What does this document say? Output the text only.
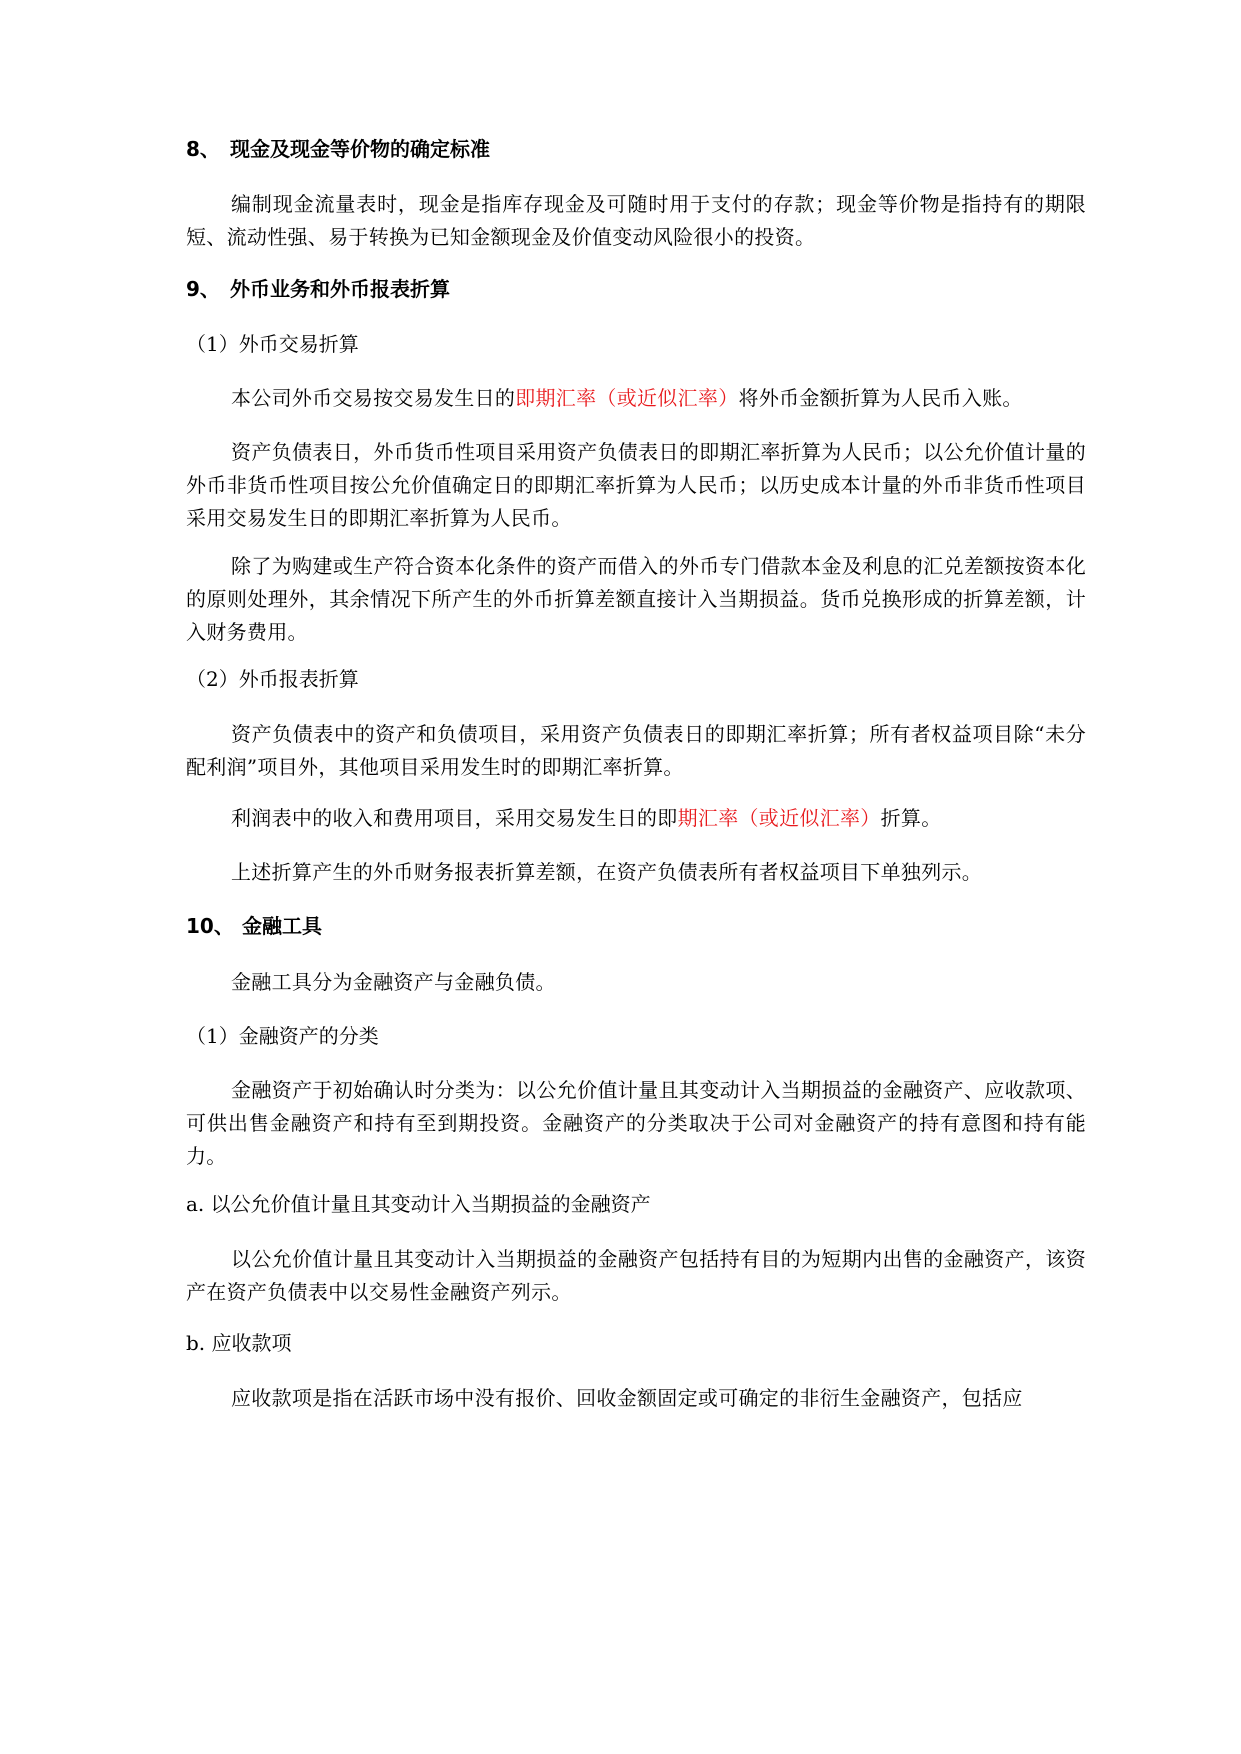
8、 现金及现金等价物的确定标准

编制现金流量表时，现金是指库存现金及可随时用于支付的存款；现金等价物是指持有的期限短、流动性强、易于转换为已知金额现金及价值变动风险很小的投资。

9、 外币业务和外币报表折算
（1）外币交易折算

本公司外币交易按交易发生日的即期汇率（或近似汇率）将外币金额折算为人民币入账。

资产负债表日，外币货币性项目采用资产负债表日的即期汇率折算为人民币；以公允价值计量的外币非货币性项目按公允价值确定日的即期汇率折算为人民币；以历史成本计量的外币非货币性项目采用交易发生日的即期汇率折算为人民币。

除了为购建或生产符合资本化条件的资产而借入的外币专门借款本金及利息的汇兑差额按资本化的原则处理外，其余情况下所产生的外币折算差额直接计入当期损益。货币兑换形成的折算差额，计入财务费用。

（2）外币报表折算

资产负债表中的资产和负债项目，采用资产负债表日的即期汇率折算；所有者权益项目除“未分配利润”项目外，其他项目采用发生时的即期汇率折算。

利润表中的收入和费用项目，采用交易发生日的即期汇率（或近似汇率）折算。

上述折算产生的外币财务报表折算差额，在资产负债表所有者权益项目下单独列示。

10、 金融工具

金融工具分为金融资产与金融负债。

（1）金融资产的分类

金融资产于初始确认时分类为：以公允价值计量且其变动计入当期损益的金融资产、应收款项、可供出售金融资产和持有至到期投资。金融资产的分类取决于公司对金融资产的持有意图和持有能力。

a. 以公允价值计量且其变动计入当期损益的金融资产

以公允价值计量且其变动计入当期损益的金融资产包括持有目的为短期内出售的金融资产，该资产在资产负债表中以交易性金融资产列示。

b. 应收款项

应收款项是指在活跃市场中没有报价、回收金额固定或可确定的非衍生金融资产，包括应
